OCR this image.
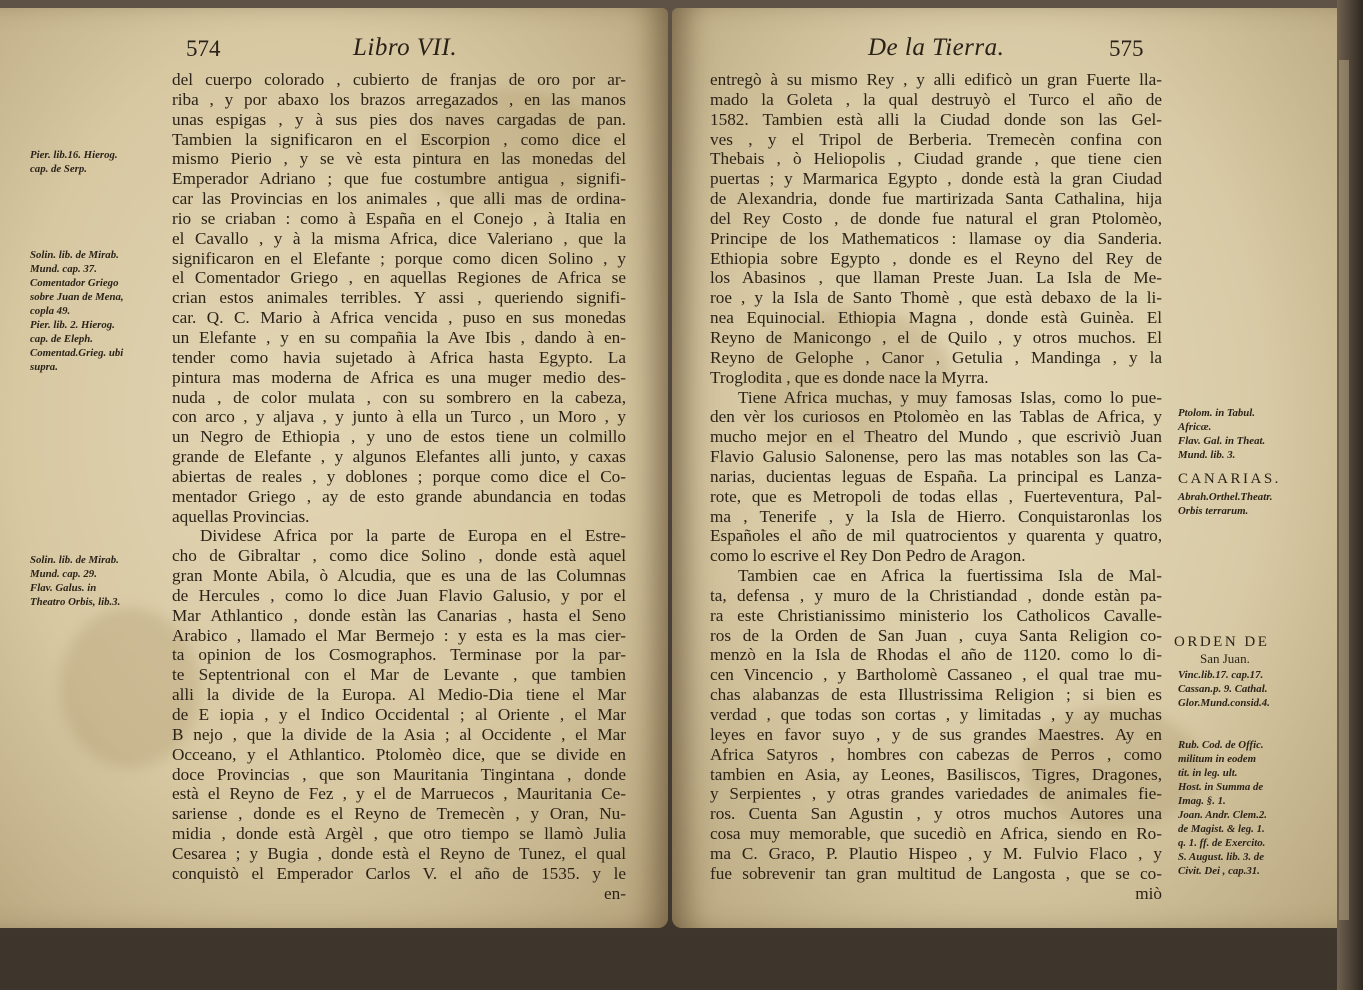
574	Libro VII.
del cuerpo colorado , cubierto de franjas de oro por ar-
riba , y por abaxo los brazos arregazados , en las manos
unas espigas , y à sus pies dos naves cargadas de pan.
Tambien la significaron en el Escorpion , como dice el
mismo Pierio , y se vè esta pintura en las monedas del
Emperador Adriano ; que fue costumbre antigua , signifi-
car las Provincias en los animales , que alli mas de ordina-
rio se criaban : como à España en el Conejo , à Italia en
el Cavallo , y à la misma Africa, dice Valeriano , que la
significaron en el Elefante ; porque como dicen Solino , y
el Comentador Griego , en aquellas Regiones de Africa se
crian estos animales terribles. Y assi , queriendo signifi-
car. Q. C. Mario à Africa vencida , puso en sus monedas
un Elefante , y en su compañia la Ave Ibis , dando à en-
tender como havia sujetado à Africa hasta Egypto. La
pintura mas moderna de Africa es una muger medio des-
nuda , de color mulata , con su sombrero en la cabeza,
con arco , y aljava , y junto à ella un Turco , un Moro , y
un Negro de Ethiopia , y uno de estos tiene un colmillo
grande de Elefante , y algunos Elefantes alli junto, y caxas
abiertas de reales , y doblones ; porque como dice el Co-
mentador Griego , ay de esto grande abundancia en todas
aquellas Provincias.
Dividese Africa por la parte de Europa en el Estre-
cho de Gibraltar , como dice Solino , donde està aquel
gran Monte Abila, ò Alcudia, que es una de las Columnas
de Hercules , como lo dice Juan Flavio Galusio, y por el
Mar Athlantico , donde estàn las Canarias , hasta el Seno
Arabico , llamado el Mar Bermejo : y esta es la mas cier-
ta opinion de los Cosmographos. Terminase por la par-
te Septentrional con el Mar de Levante , que tambien
alli la divide de la Europa. Al Medio-Dia tiene el Mar
de E iopia , y el Indico Occidental ; al Oriente , el Mar
B nejo , que la divide de la Asia ; al Occidente , el Mar
Occeano, y el Athlantico. Ptolomèo dice, que se divide en
doce Provincias , que son Mauritania Tingintana , donde
està el Reyno de Fez , y el de Marruecos , Mauritania Ce-
sariense , donde es el Reyno de Tremecèn , y Oran, Nu-
midia , donde està Argèl , que otro tiempo se llamò Julia
Cesarea ; y Bugia , donde està el Reyno de Tunez, el qual
conquistò el Emperador Carlos V. el año de 1535. y le
en-
Pier. lib.16. Hierog.
cap. de Serp.
Solin. lib. de Mirab.
Mund. cap. 37.
Comentador Griego
sobre Juan de Mena,
copla 49.
Pier. lib. 2. Hierog.
cap. de Eleph.
Comentad.Grieg. ubi
supra.
Solin. lib. de Mirab.
Mund. cap. 29.
Flav. Galus. in
Theatro Orbis, lib.3.
De la Tierra.	575
entregò à su mismo Rey , y alli edificò un gran Fuerte lla-
mado la Goleta , la qual destruyò el Turco el año de
1582. Tambien està alli la Ciudad donde son las Gel-
ves , y el Tripol de Berberia. Tremecèn confina con
Thebais , ò Heliopolis , Ciudad grande , que tiene cien
puertas ; y Marmarica Egypto , donde està la gran Ciudad
de Alexandria, donde fue martirizada Santa Cathalina, hija
del Rey Costo , de donde fue natural el gran Ptolomèo,
Principe de los Mathematicos : llamase oy dia Sanderia.
Ethiopia sobre Egypto , donde es el Reyno del Rey de
los Abasinos , que llaman Preste Juan. La Isla de Me-
roe , y la Isla de Santo Thomè , que està debaxo de la li-
nea Equinocial. Ethiopia Magna , donde està Guinèa. El
Reyno de Manicongo , el de Quilo , y otros muchos. El
Reyno de Gelophe , Canor , Getulia , Mandinga , y la
Troglodita , que es donde nace la Myrra.
Tiene Africa muchas, y muy famosas Islas, como lo pue-
den vèr los curiosos en Ptolomèo en las Tablas de Africa, y
mucho mejor en el Theatro del Mundo , que escriviò Juan
Flavio Galusio Salonense, pero las mas notables son las Ca-
narias, ducientas leguas de España. La principal es Lanza-
rote, que es Metropoli de todas ellas , Fuerteventura, Pal-
ma , Tenerife , y la Isla de Hierro. Conquistaronlas los
Españoles el año de mil quatrocientos y quarenta y quatro,
como lo escrive el Rey Don Pedro de Aragon.
Tambien cae en Africa la fuertissima Isla de Mal-
ta, defensa , y muro de la Christiandad , donde estàn pa-
ra este Christianissimo ministerio los Catholicos Cavalle-
ros de la Orden de San Juan , cuya Santa Religion co-
menzò en la Isla de Rhodas el año de 1120. como lo di-
cen Vincencio , y Bartholomè Cassaneo , el qual trae mu-
chas alabanzas de esta Illustrissima Religion ; si bien es
verdad , que todas son cortas , y limitadas , y ay muchas
leyes en favor suyo , y de sus grandes Maestres. Ay en
Africa Satyros , hombres con cabezas de Perros , como
tambien en Asia, ay Leones, Basiliscos, Tigres, Dragones,
y Serpientes , y otras grandes variedades de animales fie-
ros. Cuenta San Agustin , y otros muchos Autores una
cosa muy memorable, que sucediò en Africa, siendo en Ro-
ma C. Graco, P. Plautio Hispeo , y M. Fulvio Flaco , y
fue sobrevenir tan gran multitud de Langosta , que se co-
miò
Ptolom. in Tabul.
Africæ.
Flav. Gal. in Theat.
Mund. lib. 3.
CANARIAS.
Abrah.Orthel.Theatr.
Orbis terrarum.
ORDEN DE
San Juan.
Vinc.lib.17. cap.17.
Cassan.p. 9. Cathal.
Glor.Mund.consid.4.
Rub. Cod. de Offic.
militum in eodem
tit. in leg. ult.
Host. in Summa de
Imag. §. 1.
Joan. Andr. Clem.2.
de Magist. & leg. 1.
q. 1. ff. de Exercito.
S. August. lib. 3. de
Civit. Dei , cap.31.
